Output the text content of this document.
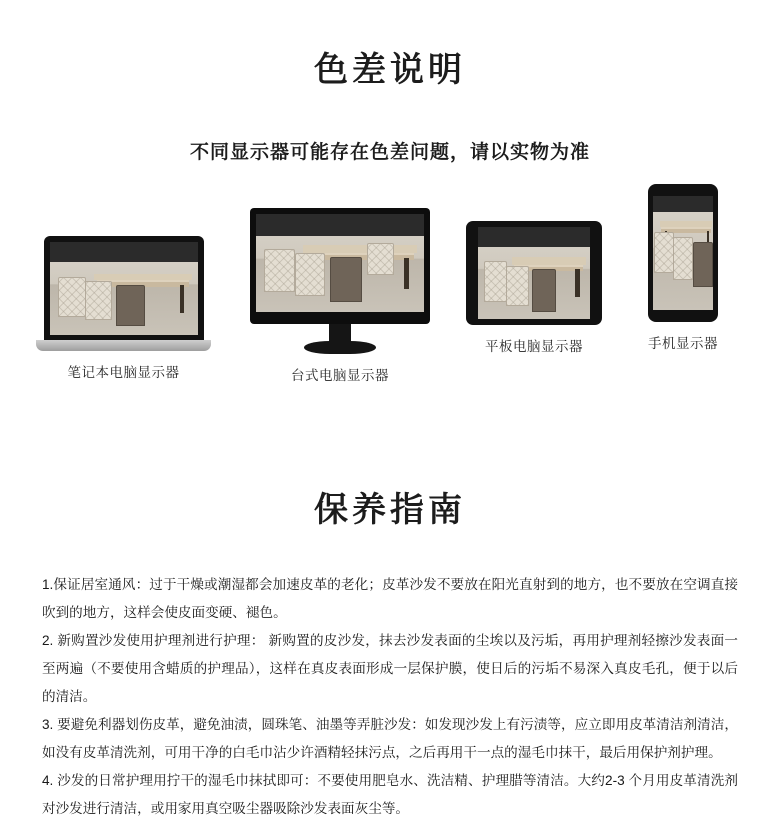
色差说明
不同显示器可能存在色差问题，请以实物为准
笔记本电脑显示器	台式电脑显示器
平板电脑显示器	手机显示器
保养指南

1.保证居室通风：过于干燥或潮湿都会加速皮革的老化；皮革沙发不要放在阳光直射到的地方，也不要放在空调直接吹到的地方，这样会使皮面变硬、褪色。

2. 新购置沙发使用护理剂进行护理： 新购置的皮沙发，抹去沙发表面的尘埃以及污垢，再用护理剂轻擦沙发表面一至两遍（不要使用含蜡质的护理品），这样在真皮表面形成一层保护膜，使日后的污垢不易深入真皮毛孔，便于以后的清洁。

3. 要避免利器划伤皮革，避免油渍，圆珠笔、油墨等弄脏沙发：如发现沙发上有污渍等，应立即用皮革清洁剂清洁，如没有皮革清洗剂，可用干净的白毛巾沾少许酒精轻抹污点，之后再用干一点的湿毛巾抹干，最后用保护剂护理。

4. 沙发的日常护理用拧干的湿毛巾抹拭即可：不要使用肥皂水、洗洁精、护理腊等清洁。大约2-3 个月用皮革清洗剂对沙发进行清洁，或用家用真空吸尘器吸除沙发表面灰尘等。
